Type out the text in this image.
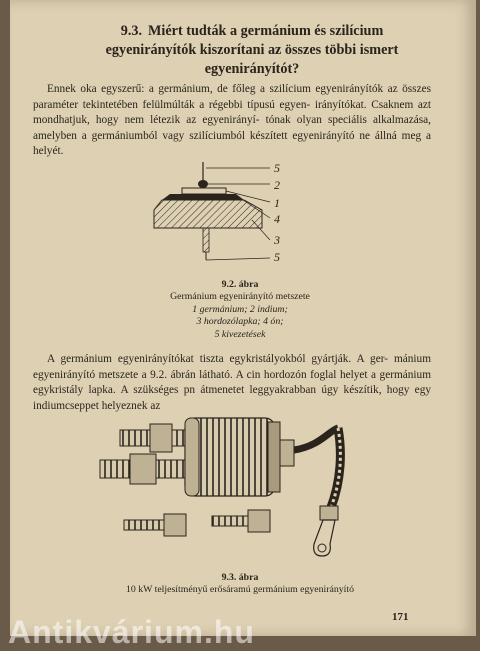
9.3. Miért tudták a germánium és szilícium
egyenirányítók kiszorítani az összes többi ismert
egyenirányítót?
Ennek oka egyszerű: a germánium, de főleg a szilícium egyenirányítók az összes paraméter tekintetében felülmúlták a régebbi típusú egyen- irányítókat. Csaknem azt mondhatjuk, hogy nem létezik az egyenirányí- tónak olyan speciális alkalmazása, amelyben a germániumból vagy szilíciumból készített egyenirányító ne állná meg a helyét.
5
2
1
4
3
5
9.2. ábra
Germánium egyenirányító metszete
1 germánium; 2 indium;
3 hordozólapka; 4 ón;
5 kivezetések
A germánium egyenirányítókat tiszta egykristályokból gyártják. A ger- mánium egyenirányító metszete a 9.2. ábrán látható. A cin hordozón foglal helyet a germánium egykristály lapka. A szükséges pn átmenetet leggyakrabban úgy készítik, hogy egy indiumcseppet helyeznek az
9.3. ábra
10 kW teljesítményű erősáramú germánium egyenirányító
171
Antikvárium.hu
